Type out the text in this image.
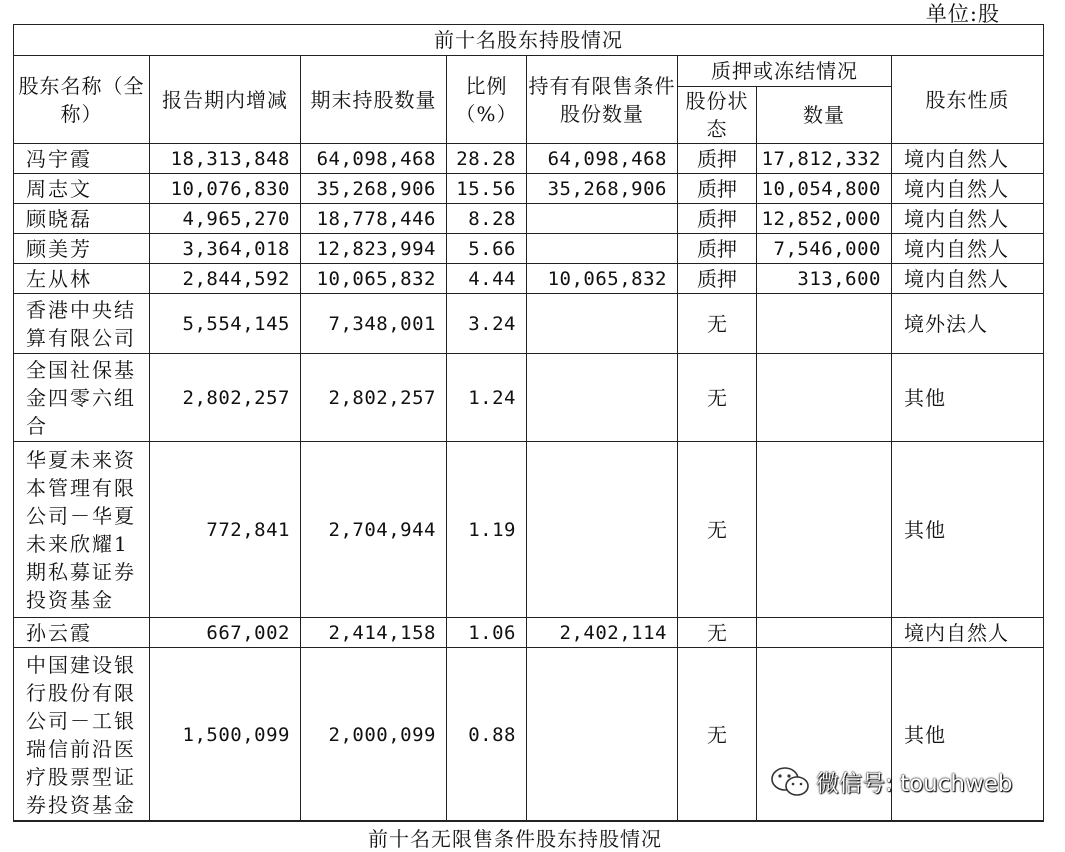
单位:股
前十名股东持股情况							
股东名称（全称）	报告期内增减	期末持股数量	比例（%）	持有有限售条件股份数量	质押或冻结情况		股东性质
					股份状态	数量	
冯宇霞	18,313,848	64,098,468	28.28	64,098,468	质押	17,812,332	境内自然人
周志文	10,076,830	35,268,906	15.56	35,268,906	质押	10,054,800	境内自然人
顾晓磊	4,965,270	18,778,446	8.28		质押	12,852,000	境内自然人
顾美芳	3,364,018	12,823,994	5.66		质押	7,546,000	境内自然人
左从林	2,844,592	10,065,832	4.44	10,065,832	质押	313,600	境内自然人
香港中央结算有限公司	5,554,145	7,348,001	3.24		无		境外法人
全国社保基金四零六组合	2,802,257	2,802,257	1.24		无		其他
华夏未来资本管理有限公司－华夏未来欣耀1期私募证券投资基金	772,841	2,704,944	1.19		无		其他
孙云霞	667,002	2,414,158	1.06	2,402,114	无		境内自然人
中国建设银行股份有限公司－工银瑞信前沿医疗股票型证券投资基金	1,500,099	2,000,099	0.88		无		其他
前十名无限售条件股东持股情况
微信号: touchweb
